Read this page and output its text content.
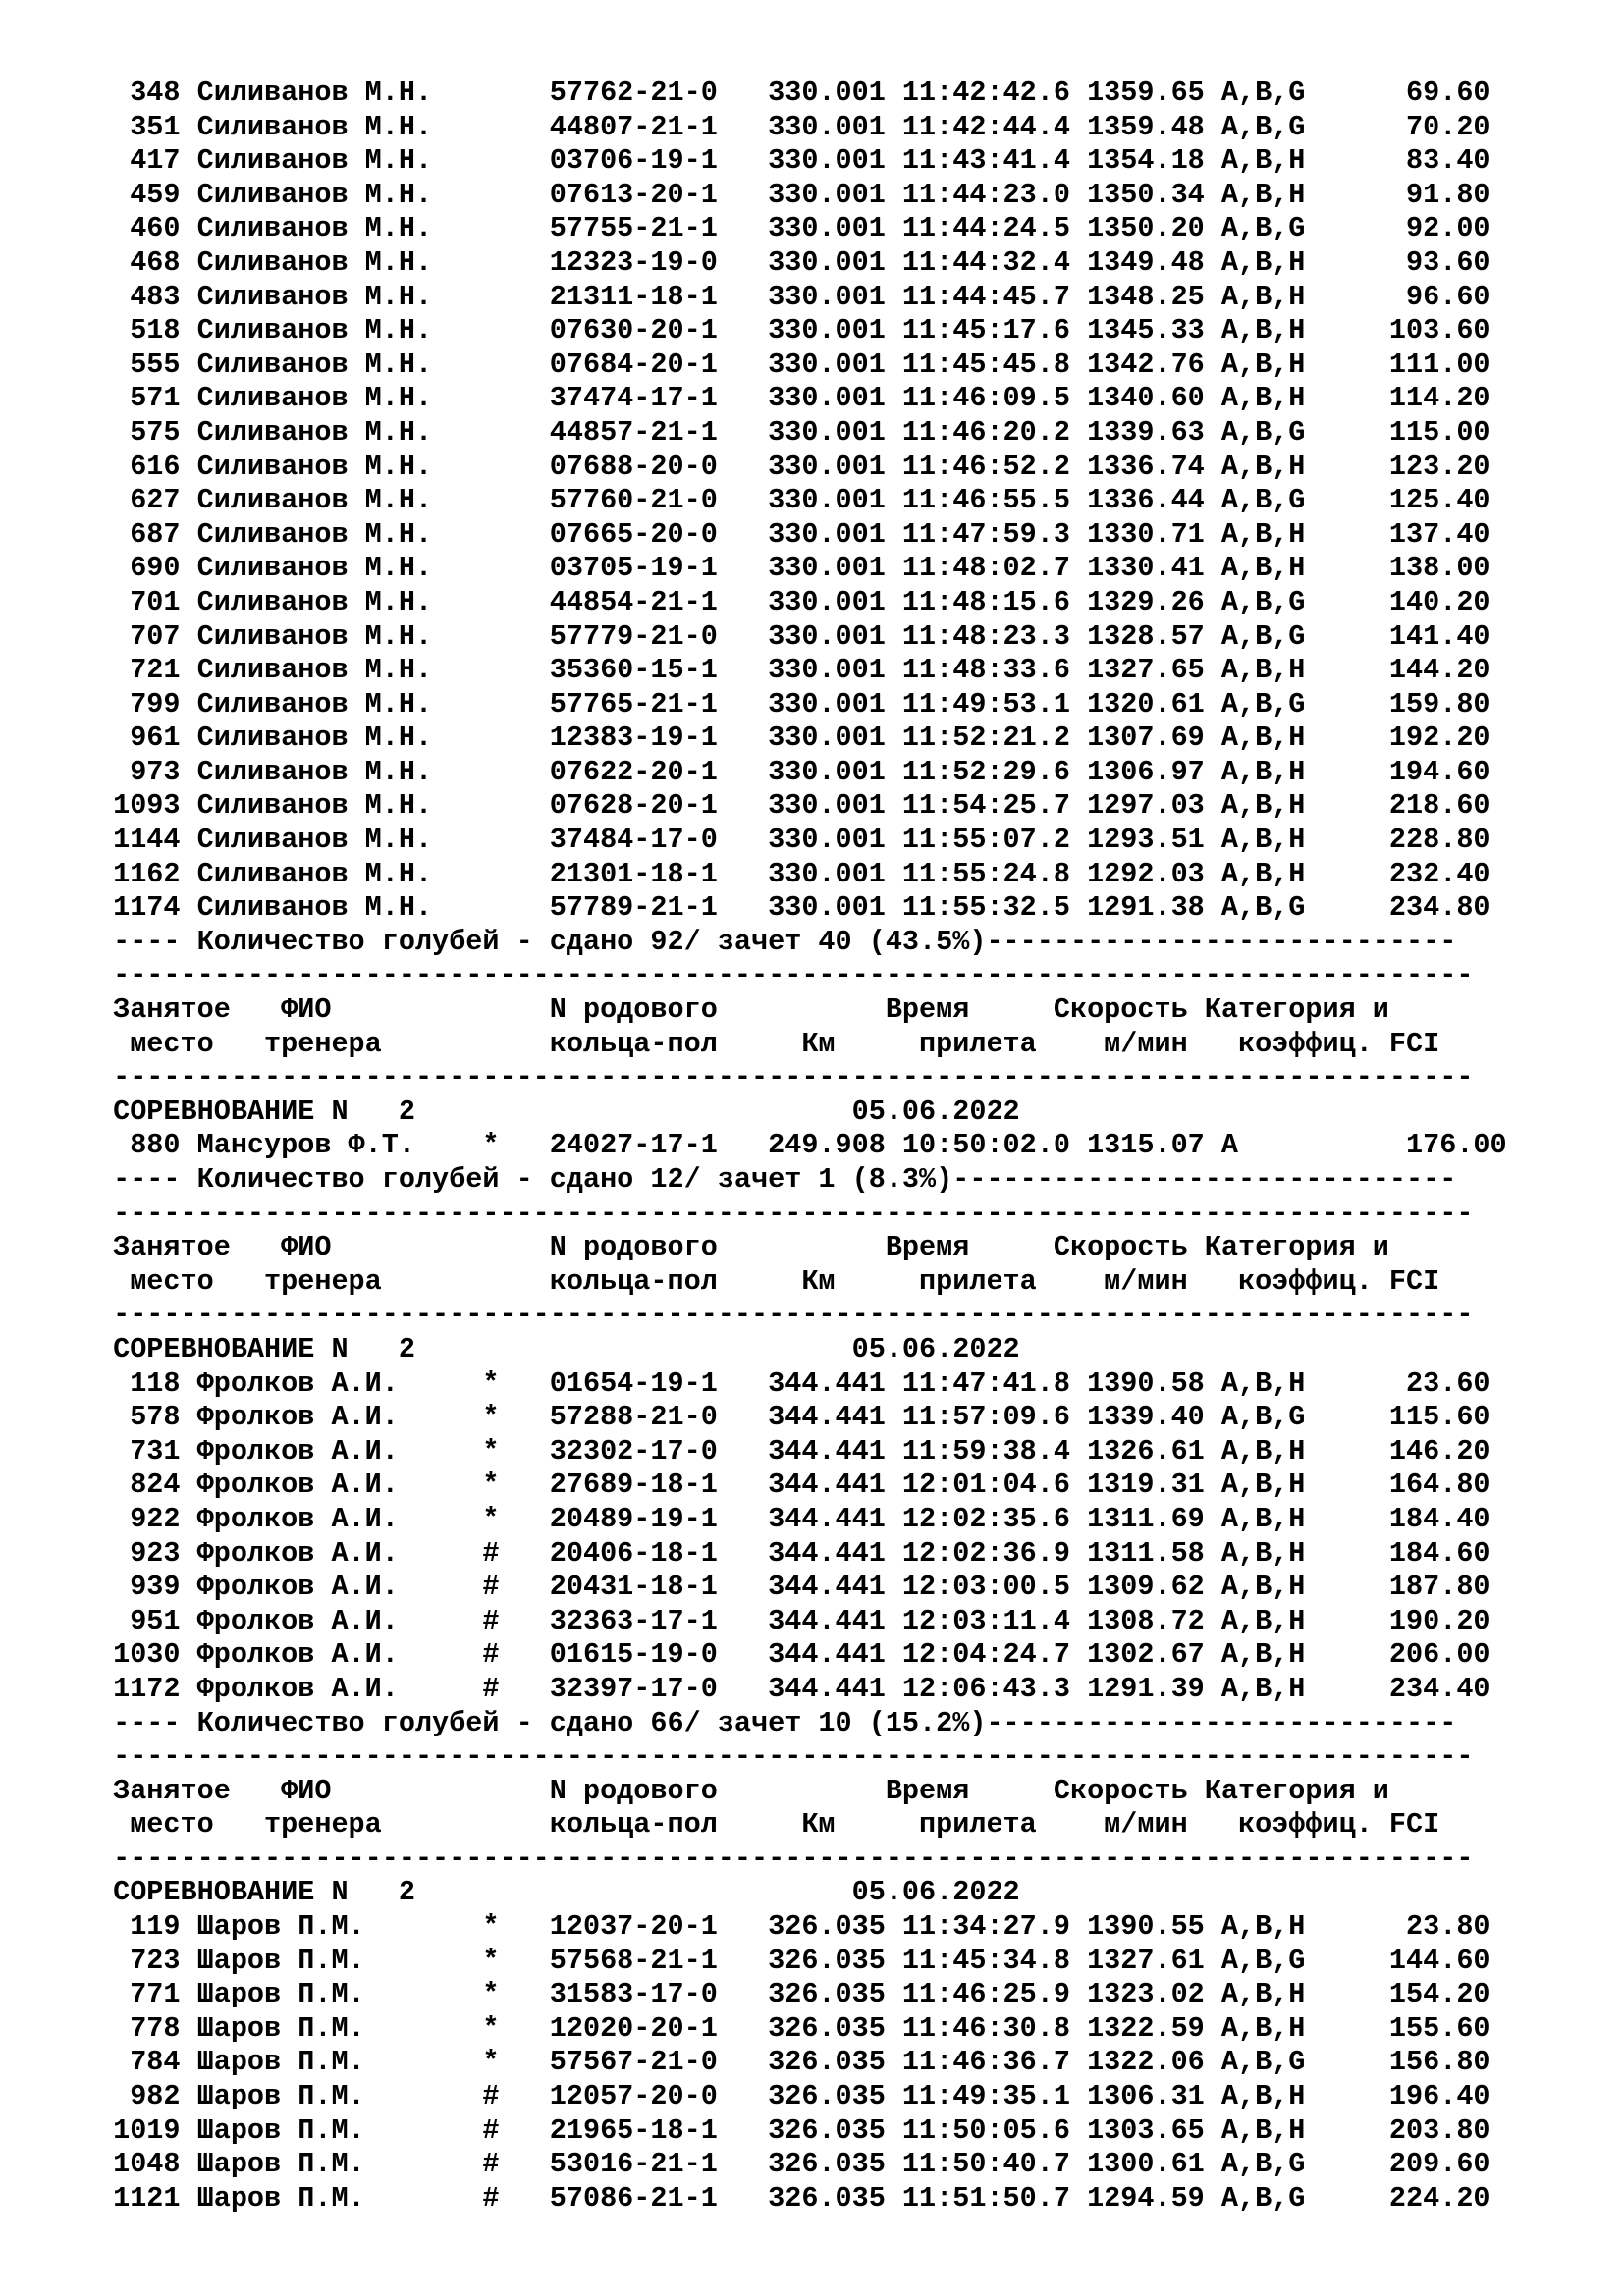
348 Силиванов М.Н.       57762-21-0   330.001 11:42:42.6 1359.65 A,B,G      69.60
351 Силиванов М.Н.       44807-21-1   330.001 11:42:44.4 1359.48 A,B,G      70.20
417 Силиванов М.Н.       03706-19-1   330.001 11:43:41.4 1354.18 A,B,H      83.40
459 Силиванов М.Н.       07613-20-1   330.001 11:44:23.0 1350.34 A,B,H      91.80
460 Силиванов М.Н.       57755-21-1   330.001 11:44:24.5 1350.20 A,B,G      92.00
468 Силиванов М.Н.       12323-19-0   330.001 11:44:32.4 1349.48 A,B,H      93.60
483 Силиванов М.Н.       21311-18-1   330.001 11:44:45.7 1348.25 A,B,H      96.60
518 Силиванов М.Н.       07630-20-1   330.001 11:45:17.6 1345.33 A,B,H     103.60
555 Силиванов М.Н.       07684-20-1   330.001 11:45:45.8 1342.76 A,B,H     111.00
571 Силиванов М.Н.       37474-17-1   330.001 11:46:09.5 1340.60 A,B,H     114.20
575 Силиванов М.Н.       44857-21-1   330.001 11:46:20.2 1339.63 A,B,G     115.00
616 Силиванов М.Н.       07688-20-0   330.001 11:46:52.2 1336.74 A,B,H     123.20
627 Силиванов М.Н.       57760-21-0   330.001 11:46:55.5 1336.44 A,B,G     125.40
687 Силиванов М.Н.       07665-20-0   330.001 11:47:59.3 1330.71 A,B,H     137.40
690 Силиванов М.Н.       03705-19-1   330.001 11:48:02.7 1330.41 A,B,H     138.00
701 Силиванов М.Н.       44854-21-1   330.001 11:48:15.6 1329.26 A,B,G     140.20
707 Силиванов М.Н.       57779-21-0   330.001 11:48:23.3 1328.57 A,B,G     141.40
721 Силиванов М.Н.       35360-15-1   330.001 11:48:33.6 1327.65 A,B,H     144.20
799 Силиванов М.Н.       57765-21-1   330.001 11:49:53.1 1320.61 A,B,G     159.80
961 Силиванов М.Н.       12383-19-1   330.001 11:52:21.2 1307.69 A,B,H     192.20
973 Силиванов М.Н.       07622-20-1   330.001 11:52:29.6 1306.97 A,B,H     194.60
1093 Силиванов М.Н.       07628-20-1   330.001 11:54:25.7 1297.03 A,B,H     218.60
1144 Силиванов М.Н.       37484-17-0   330.001 11:55:07.2 1293.51 A,B,H     228.80
1162 Силиванов М.Н.       21301-18-1   330.001 11:55:24.8 1292.03 A,B,H     232.40
1174 Силиванов М.Н.       57789-21-1   330.001 11:55:32.5 1291.38 A,B,G     234.80
---- Количество голубей - сдано 92/ зачет 40 (43.5%)----------------------------
---------------------------------------------------------------------------------
Занятое   ФИО             N родового          Время     Скорость Категория и
место   тренера          кольца-пол     Км     прилета    м/мин   коэффиц. FCI
---------------------------------------------------------------------------------
СОРЕВНОВАНИЕ N   2                          05.06.2022
880 Мансуров Ф.Т.    *   24027-17-1   249.908 10:50:02.0 1315.07 A          176.00
---- Количество голубей - сдано 12/ зачет 1 (8.3%)------------------------------
---------------------------------------------------------------------------------
Занятое   ФИО             N родового          Время     Скорость Категория и
место   тренера          кольца-пол     Км     прилета    м/мин   коэффиц. FCI
---------------------------------------------------------------------------------
СОРЕВНОВАНИЕ N   2                          05.06.2022
118 Фролков А.И.     *   01654-19-1   344.441 11:47:41.8 1390.58 A,B,H      23.60
578 Фролков А.И.     *   57288-21-0   344.441 11:57:09.6 1339.40 A,B,G     115.60
731 Фролков А.И.     *   32302-17-0   344.441 11:59:38.4 1326.61 A,B,H     146.20
824 Фролков А.И.     *   27689-18-1   344.441 12:01:04.6 1319.31 A,B,H     164.80
922 Фролков А.И.     *   20489-19-1   344.441 12:02:35.6 1311.69 A,B,H     184.40
923 Фролков А.И.     #   20406-18-1   344.441 12:02:36.9 1311.58 A,B,H     184.60
939 Фролков А.И.     #   20431-18-1   344.441 12:03:00.5 1309.62 A,B,H     187.80
951 Фролков А.И.     #   32363-17-1   344.441 12:03:11.4 1308.72 A,B,H     190.20
1030 Фролков А.И.     #   01615-19-0   344.441 12:04:24.7 1302.67 A,B,H     206.00
1172 Фролков А.И.     #   32397-17-0   344.441 12:06:43.3 1291.39 A,B,H     234.40
---- Количество голубей - сдано 66/ зачет 10 (15.2%)----------------------------
---------------------------------------------------------------------------------
Занятое   ФИО             N родового          Время     Скорость Категория и
место   тренера          кольца-пол     Км     прилета    м/мин   коэффиц. FCI
---------------------------------------------------------------------------------
СОРЕВНОВАНИЕ N   2                          05.06.2022
119 Шаров П.М.       *   12037-20-1   326.035 11:34:27.9 1390.55 A,B,H      23.80
723 Шаров П.М.       *   57568-21-1   326.035 11:45:34.8 1327.61 A,B,G     144.60
771 Шаров П.М.       *   31583-17-0   326.035 11:46:25.9 1323.02 A,B,H     154.20
778 Шаров П.М.       *   12020-20-1   326.035 11:46:30.8 1322.59 A,B,H     155.60
784 Шаров П.М.       *   57567-21-0   326.035 11:46:36.7 1322.06 A,B,G     156.80
982 Шаров П.М.       #   12057-20-0   326.035 11:49:35.1 1306.31 A,B,H     196.40
1019 Шаров П.М.       #   21965-18-1   326.035 11:50:05.6 1303.65 A,B,H     203.80
1048 Шаров П.М.       #   53016-21-1   326.035 11:50:40.7 1300.61 A,B,G     209.60
1121 Шаров П.М.       #   57086-21-1   326.035 11:51:50.7 1294.59 A,B,G     224.20
